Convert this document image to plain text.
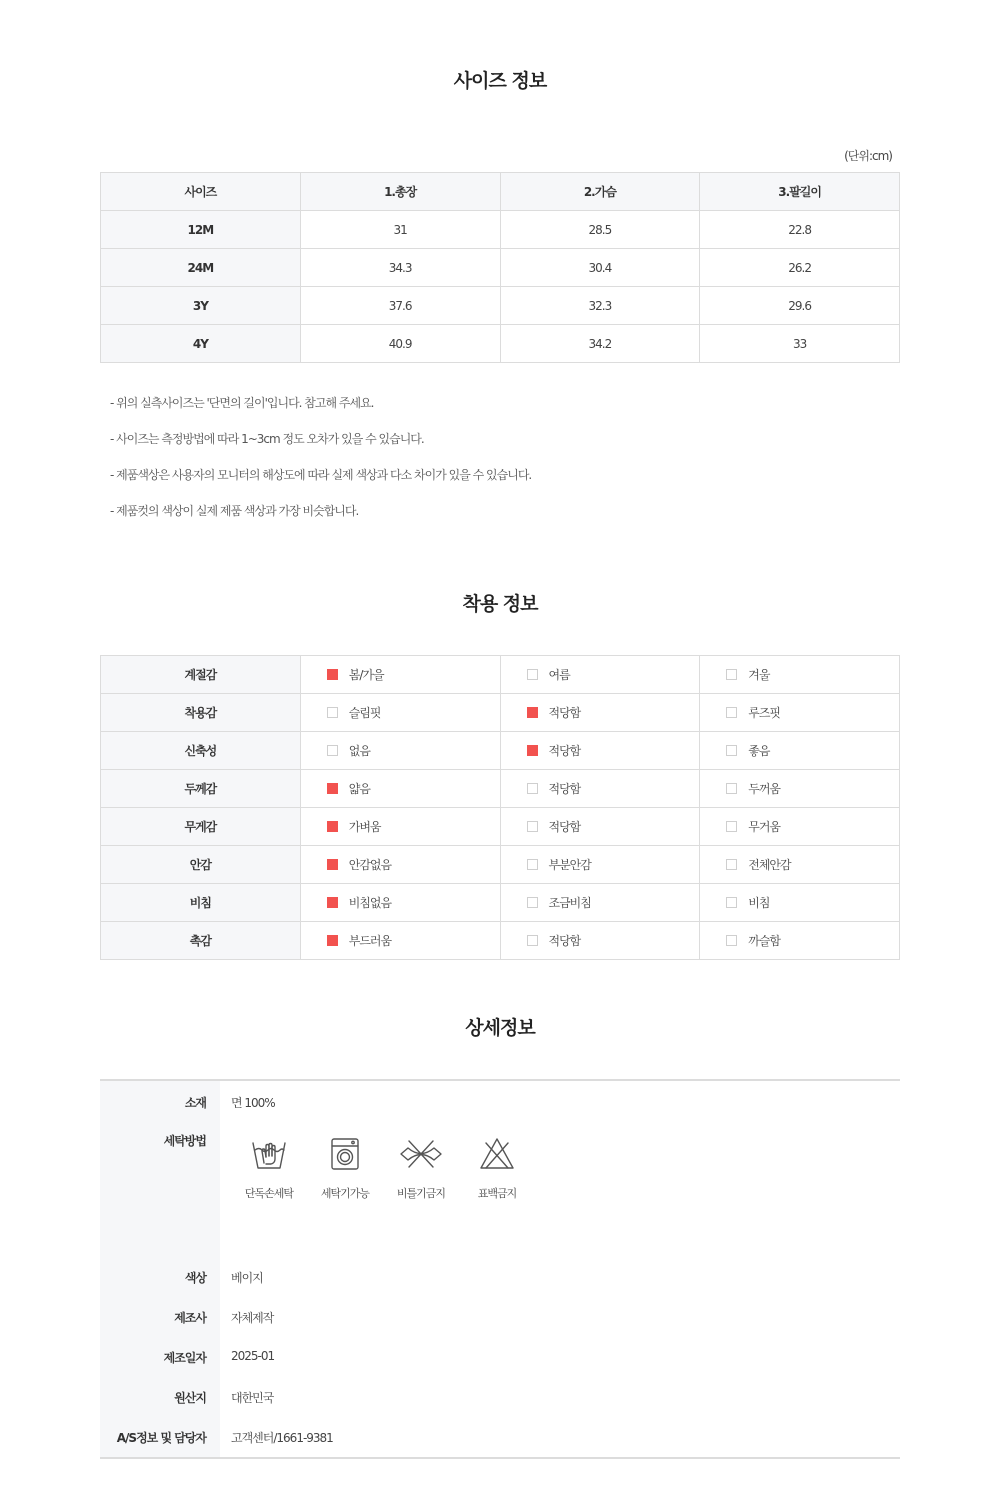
사이즈 정보
(단위:cm)
사이즈	1.총장	2.가슴	3.팔길이
12M	31	28.5	22.8
24M	34.3	30.4	26.2
3Y	37.6	32.3	29.6
4Y	40.9	34.2	33

- 위의 실측사이즈는 '단면의 길이'입니다. 참고해 주세요.

- 사이즈는 측정방법에 따라 1~3cm 정도 오차가 있을 수 있습니다.

- 제품색상은 사용자의 모니터의 해상도에 따라 실제 색상과 다소 차이가 있을 수 있습니다.

- 제품컷의 색상이 실제 제품 색상과 가장 비슷합니다.

착용 정보
계절감	봄/가을	여름	겨울
착용감	슬림핏	적당함	루즈핏
신축성	없음	적당함	좋음
두께감	얇음	적당함	두꺼움
무게감	가벼움	적당함	무거움
안감	안감없음	부분안감	전체안감
비침	비침없음	조금비침	비침
촉감	부드러움	적당함	까슬함
상세정보
소재	면 100%
세탁방법
단독손세탁	세탁기가능	비틀기금지	표백금지
색상	베이지
제조사	자체제작
제조일자	2025-01
원산지	대한민국
A/S정보 및 담당자	고객센터/1661-9381
